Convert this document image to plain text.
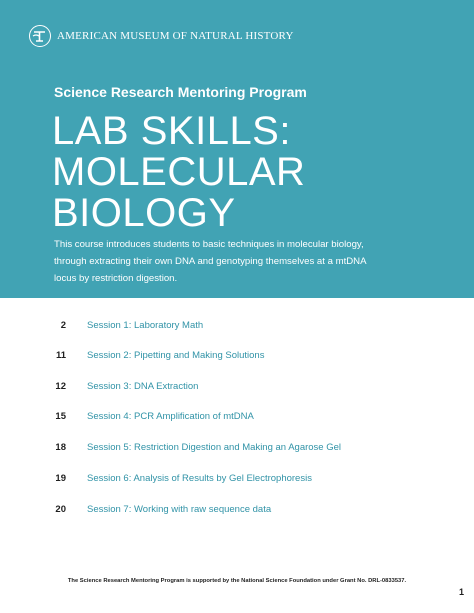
AMERICAN MUSEUM OF NATURAL HISTORY
Science Research Mentoring Program
LAB SKILLS:
MOLECULAR
BIOLOGY
This course introduces students to basic techniques in molecular biology,
through extracting their own DNA and genotyping themselves at a mtDNA
locus by restriction digestion.
2 Session 1: Laboratory Math
11 Session 2: Pipetting and Making Solutions
12 Session 3: DNA Extraction
15 Session 4: PCR Amplification of mtDNA
18 Session 5: Restriction Digestion and Making an Agarose Gel
19 Session 6: Analysis of Results by Gel Electrophoresis
20 Session 7: Working with raw sequence data
The Science Research Mentoring Program is supported by the National Science Foundation under Grant No. DRL-0833537.
1
